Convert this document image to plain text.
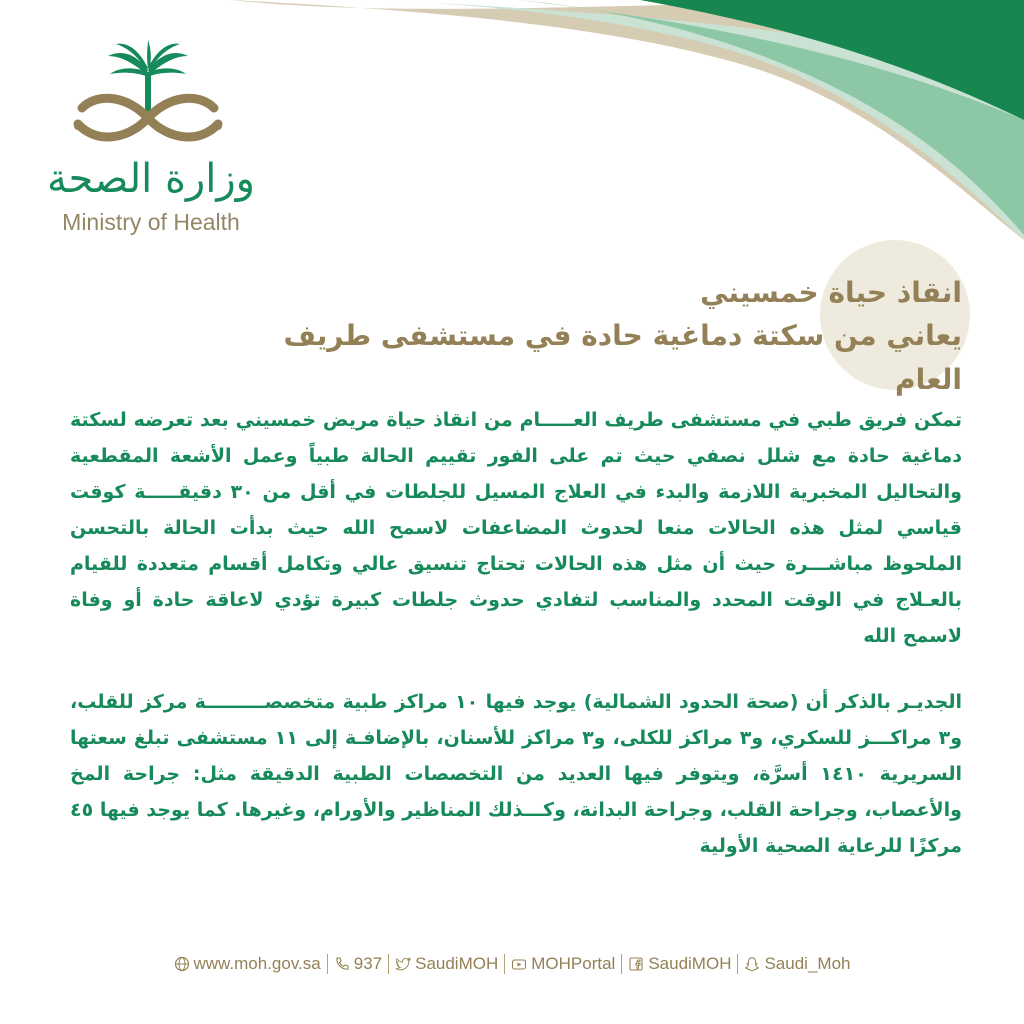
وزارة الصحة
Ministry of Health
انقاذ حياة خمسيني
يعاني من سكتة دماغية حادة في مستشفى طريف العام

تمكن فريق طبي في مستشفى طريف العـــــام من انقاذ حياة مريض خمسيني بعد تعرضه لسكتة دماغية حادة مع شلل نصفي حيث تم على الفور تقييم الحالة طبياً وعمل الأشعة المقطعية والتحاليل المخبرية اللازمة والبدء في العلاج المسيل للجلطات في أقل من ٣٠ دقيقـــــة كوقت قياسي لمثل هذه الحالات منعا لحدوث المضاعفات لاسمح الله حيث بدأت الحالة بالتحسن الملحوظ مباشـــرة حيث أن مثل هذه الحالات تحتاج تنسيق عالي وتكامل أقسام متعددة للقيام بالعـلاج في الوقت المحدد والمناسب لتفادي حدوث جلطات كبيرة تؤدي لاعاقة حادة أو وفاة لاسمح الله

الجديـر بالذكر أن (صحة الحدود الشمالية) يوجد فيها ١٠ مراكز طبية متخصصـــــــــة مركز للقلب، و٣ مراكـــز للسكري، و٣ مراكز للكلى، و٣ مراكز للأسنان، بالإضافـة إلى ١١ مستشفى تبلغ سعتها السريرية ١٤١٠ أسرَّة، ويتوفر فيها العديد من التخصصات الطبية الدقيقة مثل: جراحة المخ والأعصاب، وجراحة القلب، وجراحة البدانة، وكـــذلك المناظير والأورام، وغيرها. كما يوجد فيها ٤٥ مركزًا للرعاية الصحية الأولية

www.moh.gov.sa 937 SaudiMOH MOHPortal SaudiMOH Saudi_Moh
